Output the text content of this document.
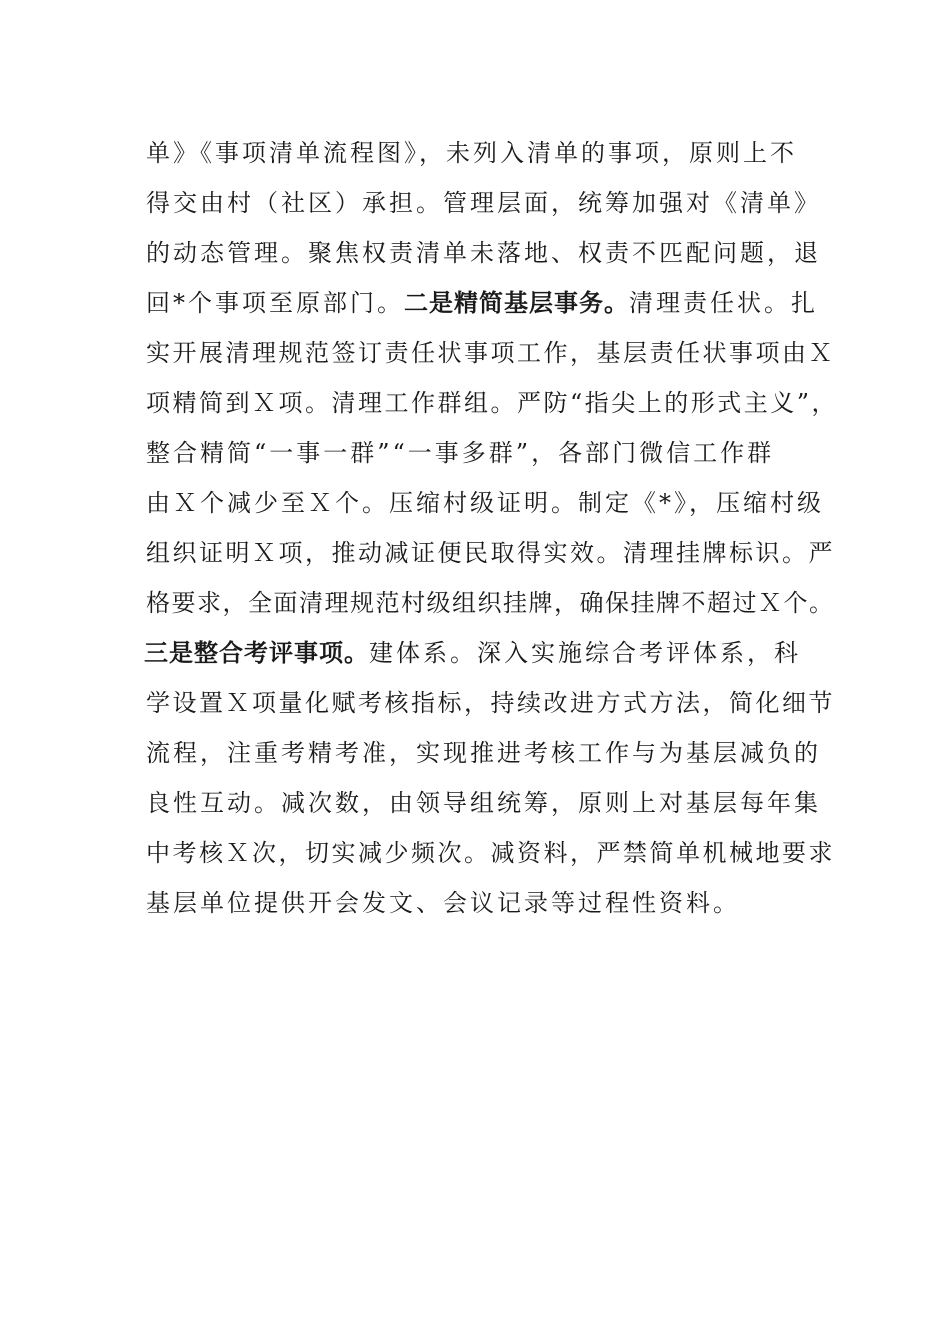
单》《事项清单流程图》，未列入清单的事项，原则上不
得交由村（社区）承担。管理层面，统筹加强对《清单》
的动态管理。聚焦权责清单未落地、权责不匹配问题，退
回*个事项至原部门。二是精简基层事务。清理责任状。扎
实开展清理规范签订责任状事项工作，基层责任状事项由Ｘ
项精简到Ｘ项。清理工作群组。严防“指尖上的形式主义”，
整合精简“一事一群”“一事多群”，各部门微信工作群
由Ｘ个减少至Ｘ个。压缩村级证明。制定《*》，压缩村级
组织证明Ｘ项，推动减证便民取得实效。清理挂牌标识。严
格要求，全面清理规范村级组织挂牌，确保挂牌不超过Ｘ个。
三是整合考评事项。建体系。深入实施综合考评体系，科
学设置Ｘ项量化赋考核指标，持续改进方式方法，简化细节
流程，注重考精考准，实现推进考核工作与为基层减负的
良性互动。减次数，由领导组统筹，原则上对基层每年集
中考核Ｘ次，切实减少频次。减资料，严禁简单机械地要求
基层单位提供开会发文、会议记录等过程性资料。
